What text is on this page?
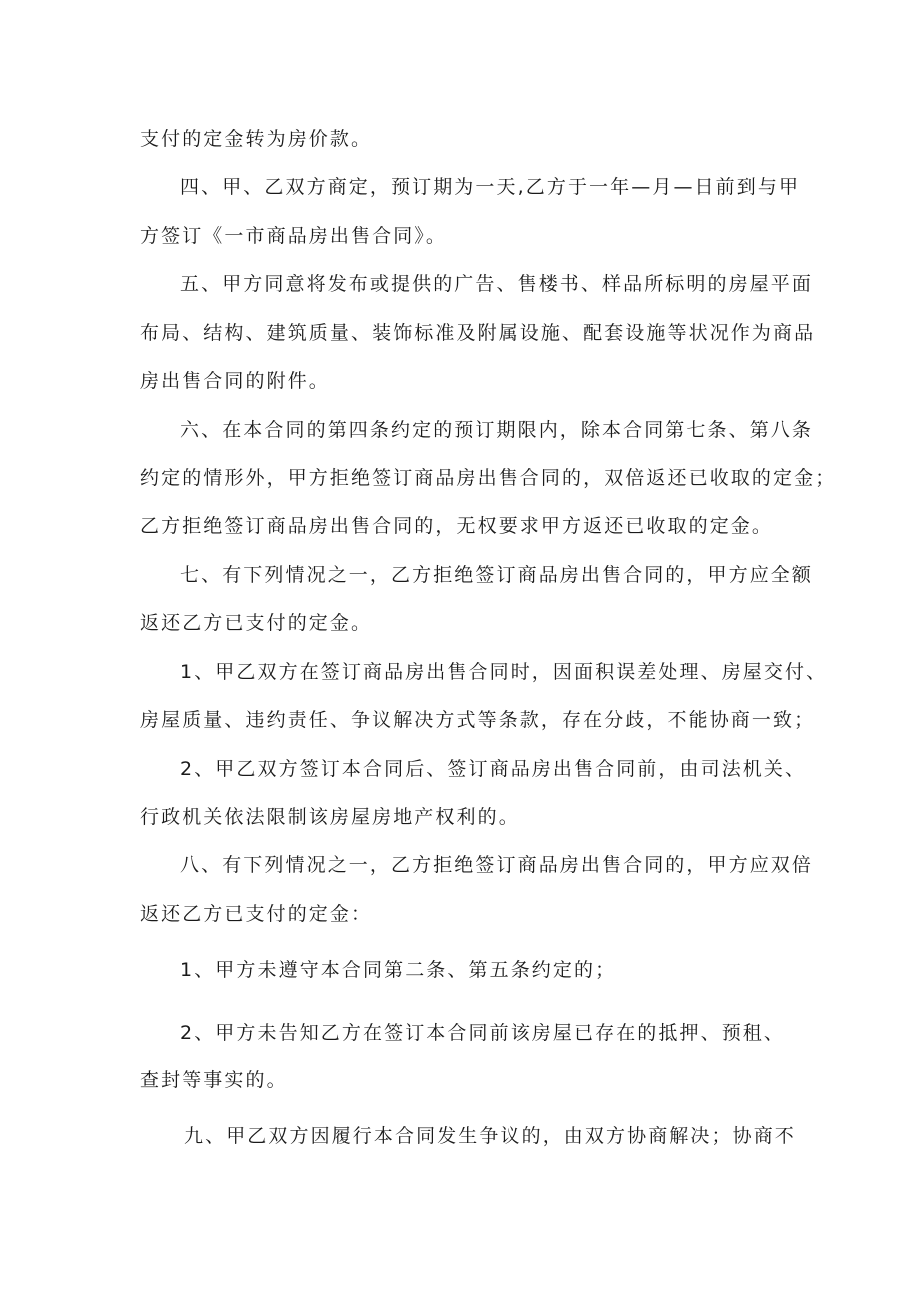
支付的定金转为房价款。
四、甲、乙双方商定，预订期为一天,乙方于一年—月—日前到与甲
方签订《一市商品房出售合同》。
五、甲方同意将发布或提供的广告、售楼书、样品所标明的房屋平面
布局、结构、建筑质量、装饰标准及附属设施、配套设施等状况作为商品
房出售合同的附件。
六、在本合同的第四条约定的预订期限内，除本合同第七条、第八条
约定的情形外，甲方拒绝签订商品房出售合同的，双倍返还已收取的定金；
乙方拒绝签订商品房出售合同的，无权要求甲方返还已收取的定金。
七、有下列情况之一，乙方拒绝签订商品房出售合同的，甲方应全额
返还乙方已支付的定金。
1、甲乙双方在签订商品房出售合同时，因面积误差处理、房屋交付、
房屋质量、违约责任、争议解决方式等条款，存在分歧，不能协商一致；
2、甲乙双方签订本合同后、签订商品房出售合同前，由司法机关、
行政机关依法限制该房屋房地产权利的。
八、有下列情况之一，乙方拒绝签订商品房出售合同的，甲方应双倍
返还乙方已支付的定金：
1、甲方未遵守本合同第二条、第五条约定的；
2、甲方未告知乙方在签订本合同前该房屋已存在的抵押、预租、
查封等事实的。
九、甲乙双方因履行本合同发生争议的，由双方协商解决；协商不
